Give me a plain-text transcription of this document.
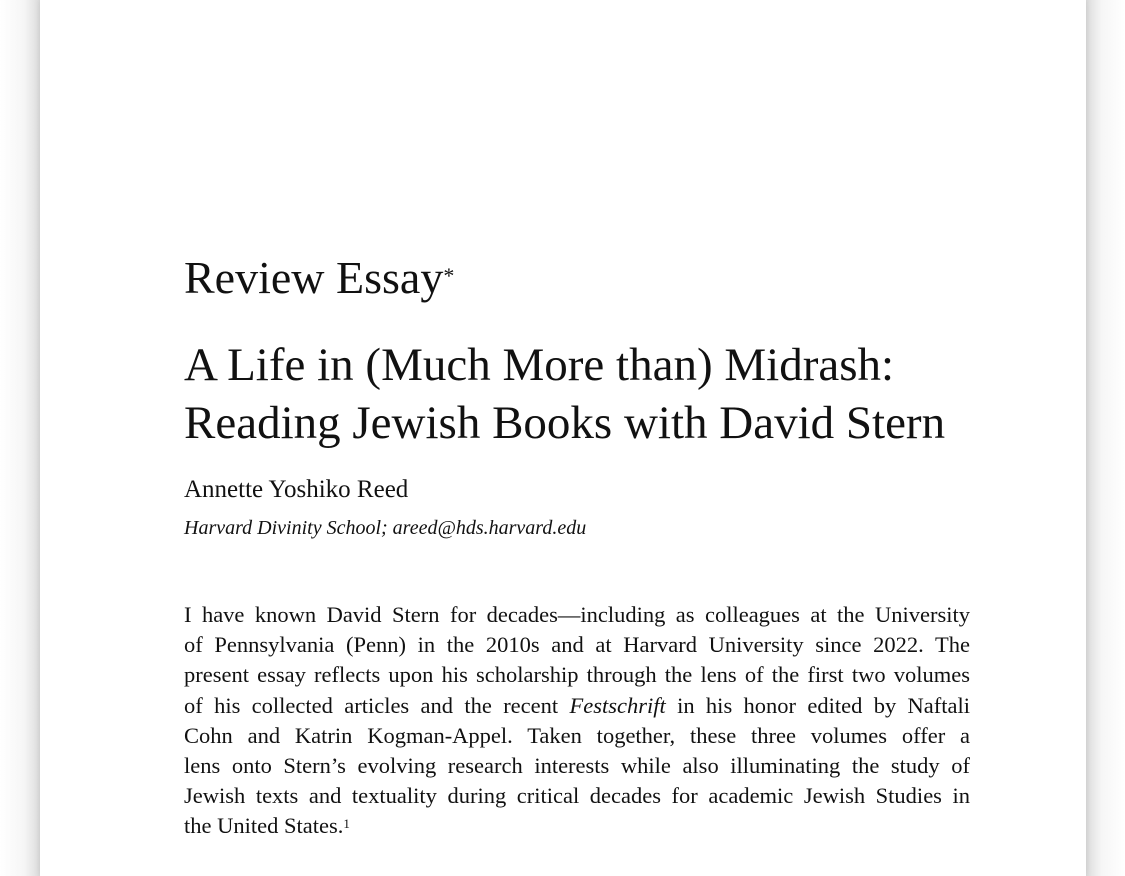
Review Essay*
A Life in (Much More than) Midrash:
Reading Jewish Books with David Stern
Annette Yoshiko Reed
Harvard Divinity School; areed@hds.harvard.edu
I have known David Stern for decades—including as colleagues at the University
of Pennsylvania (Penn) in the 2010s and at Harvard University since 2022. The
present essay reflects upon his scholarship through the lens of the first two volumes
of his collected articles and the recent Festschrift in his honor edited by Naftali
Cohn and Katrin Kogman-Appel. Taken together, these three volumes offer a
lens onto Stern’s evolving research interests while also illuminating the study of
Jewish texts and textuality during critical decades for academic Jewish Studies in
the United States.$^1$
